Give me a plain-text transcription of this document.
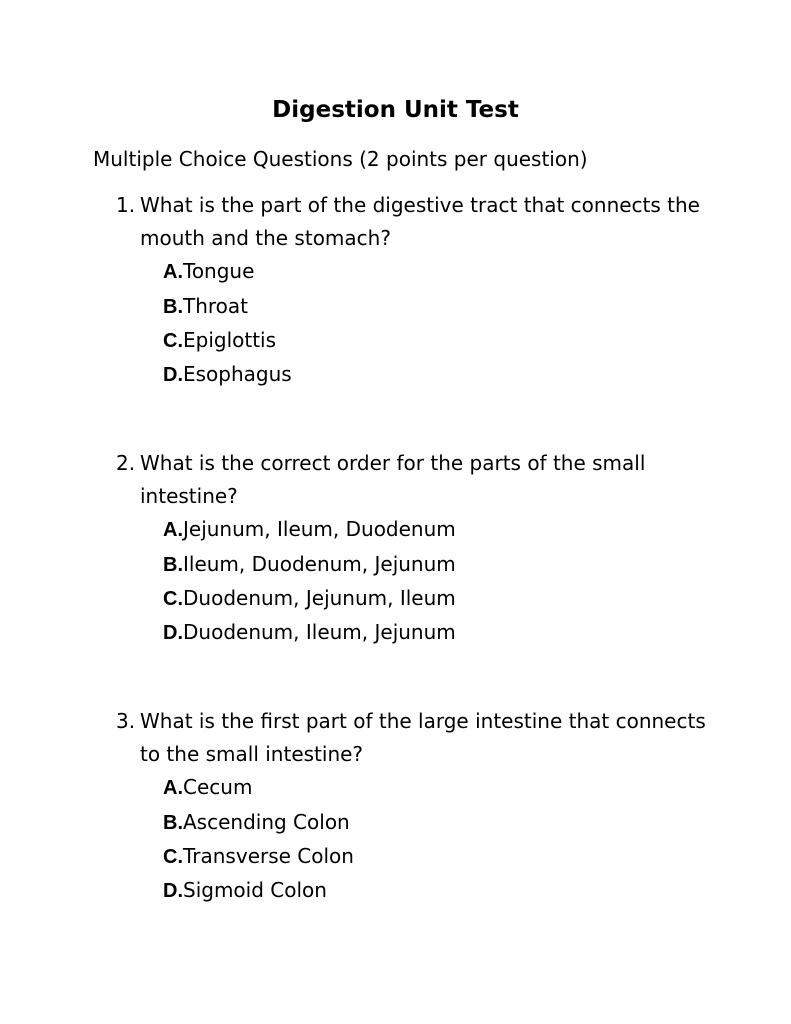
Digestion Unit Test
Multiple Choice Questions (2 points per question)
1. What is the part of the digestive tract that connects the mouth and the stomach?
A.Tongue
B.Throat
C.Epiglottis
D.Esophagus
2. What is the correct order for the parts of the small intestine?
A.Jejunum, Ileum, Duodenum
B.Ileum, Duodenum, Jejunum
C.Duodenum, Jejunum, Ileum
D.Duodenum, Ileum, Jejunum
3. What is the first part of the large intestine that connects to the small intestine?
A.Cecum
B.Ascending Colon
C.Transverse Colon
D.Sigmoid Colon
